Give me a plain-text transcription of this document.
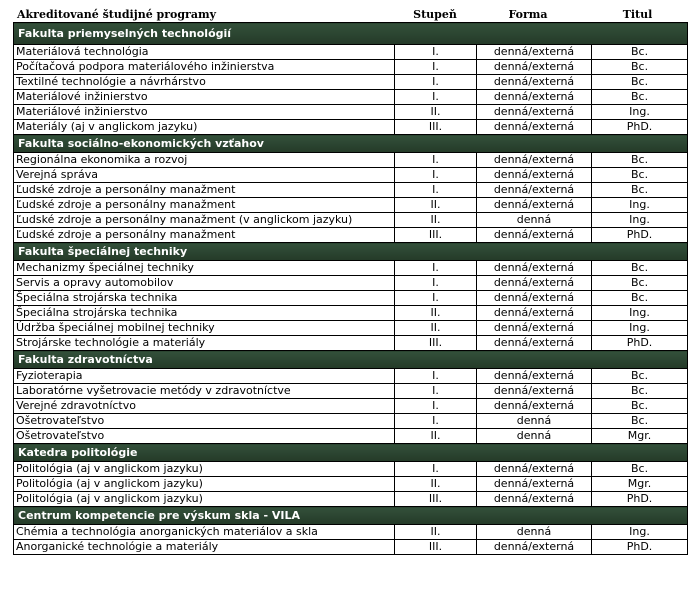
Akreditované študijné programy	Stupeň	Forma	Titul
Fakulta priemyselných technológií			
Materiálová technológia	I.	denná/externá	Bc.
Počítačová podpora materiálového inžinierstva	I.	denná/externá	Bc.
Textilné technológie a návrhárstvo	I.	denná/externá	Bc.
Materiálové inžinierstvo	I.	denná/externá	Bc.
Materiálové inžinierstvo	II.	denná/externá	Ing.
Materiály (aj v anglickom jazyku)	III.	denná/externá	PhD.
Fakulta sociálno-ekonomických vzťahov			
Regionálna ekonomika a rozvoj	I.	denná/externá	Bc.
Verejná správa	I.	denná/externá	Bc.
Ľudské zdroje a personálny manažment	I.	denná/externá	Bc.
Ľudské zdroje a personálny manažment	II.	denná/externá	Ing.
Ľudské zdroje a personálny manažment (v anglickom jazyku)	II.	denná	Ing.
Ľudské zdroje a personálny manažment	III.	denná/externá	PhD.
Fakulta špeciálnej techniky			
Mechanizmy špeciálnej techniky	I.	denná/externá	Bc.
Servis a opravy automobilov	I.	denná/externá	Bc.
Špeciálna strojárska technika	I.	denná/externá	Bc.
Špeciálna strojárska technika	II.	denná/externá	Ing.
Údržba špeciálnej mobilnej techniky	II.	denná/externá	Ing.
Strojárske technológie a materiály	III.	denná/externá	PhD.
Fakulta zdravotníctva			
Fyzioterapia	I.	denná/externá	Bc.
Laboratórne vyšetrovacie metódy v zdravotníctve	I.	denná/externá	Bc.
Verejné zdravotníctvo	I.	denná/externá	Bc.
Ošetrovateľstvo	I.	denná	Bc.
Ošetrovateľstvo	II.	denná	Mgr.
Katedra politológie			
Politológia (aj v anglickom jazyku)	I.	denná/externá	Bc.
Politológia (aj v anglickom jazyku)	II.	denná/externá	Mgr.
Politológia (aj v anglickom jazyku)	III.	denná/externá	PhD.
Centrum kompetencie pre výskum skla - VILA			
Chémia a technológia anorganických materiálov a skla	II.	denná	Ing.
Anorganické technológie a materiály	III.	denná/externá	PhD.
